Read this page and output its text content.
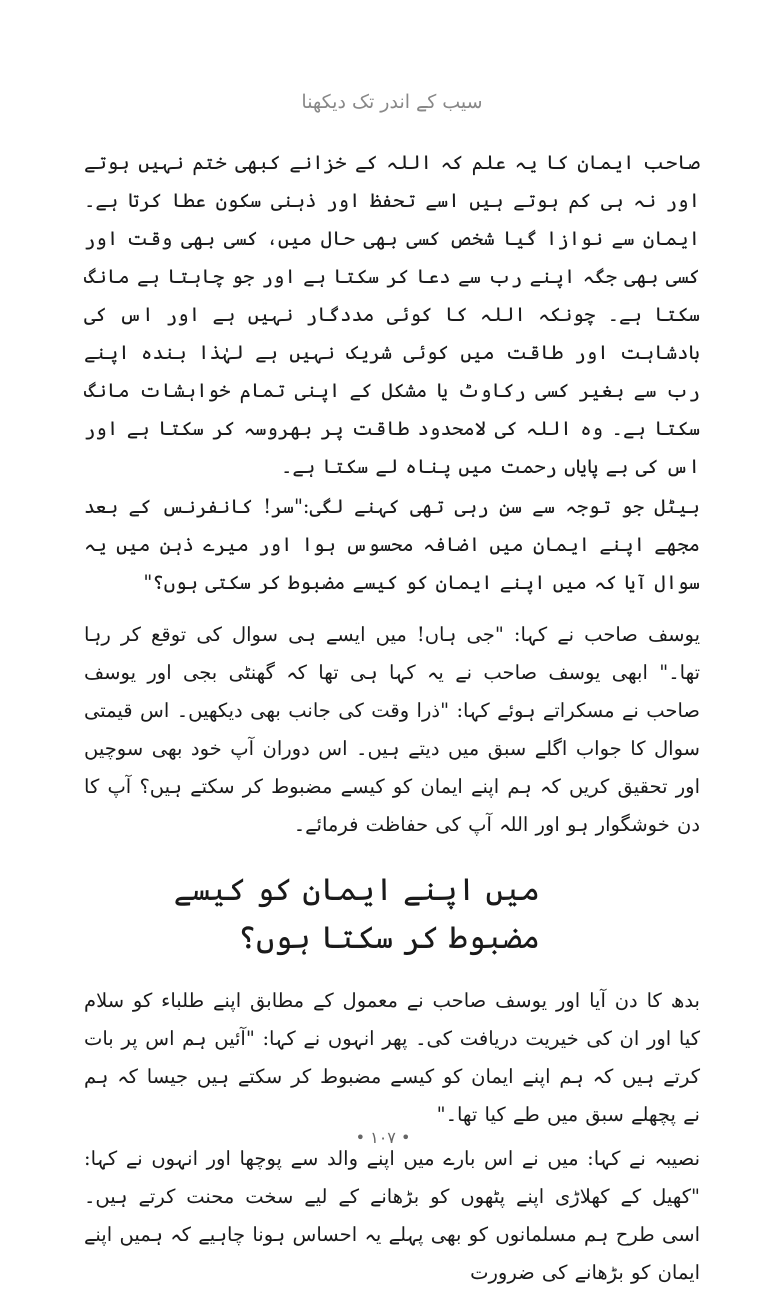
سیب کے اندر تک دیکھنا

صاحب ایمان کا یہ علم کہ اللہ کے خزانے کبھی ختم نہیں ہوتے اور نہ ہی کم ہوتے ہیں اسے تحفظ اور ذہنی سکون عطا کرتا ہے۔ ایمان سے نوازا گیا شخص کسی بھی حال میں، کسی بھی وقت اور کسی بھی جگہ اپنے رب سے دعا کر سکتا ہے اور جو چاہتا ہے مانگ سکتا ہے۔ چونکہ اللہ کا کوئی مددگار نہیں ہے اور اس کی بادشاہت اور طاقت میں کوئی شریک نہیں ہے لہٰذا بندہ اپنے رب سے بغیر کسی رکاوٹ یا مشکل کے اپنی تمام خواہشات مانگ سکتا ہے۔ وہ اللہ کی لامحدود طاقت پر بھروسہ کر سکتا ہے اور اس کی بے پایاں رحمت میں پناہ لے سکتا ہے۔

بیٹل جو توجہ سے سن رہی تھی کہنے لگی:"سر! کانفرنس کے بعد مجھے اپنے ایمان میں اضافہ محسوس ہوا اور میرے ذہن میں یہ سوال آیا کہ میں اپنے ایمان کو کیسے مضبوط کر سکتی ہوں؟"

یوسف صاحب نے کہا: "جی ہاں! میں ایسے ہی سوال کی توقع کر رہا تھا۔" ابھی یوسف صاحب نے یہ کہا ہی تھا کہ گھنٹی بجی اور یوسف صاحب نے مسکراتے ہوئے کہا: "ذرا وقت کی جانب بھی دیکھیں۔ اس قیمتی سوال کا جواب اگلے سبق میں دیتے ہیں۔ اس دوران آپ خود بھی سوچیں اور تحقیق کریں کہ ہم اپنے ایمان کو کیسے مضبوط کر سکتے ہیں؟ آپ کا دن خوشگوار ہو اور اللہ آپ کی حفاظت فرمائے۔

میں اپنے ایمان کو کیسے مضبوط کر سکتا ہوں؟

بدھ کا دن آیا اور یوسف صاحب نے معمول کے مطابق اپنے طلباء کو سلام کیا اور ان کی خیریت دریافت کی۔ پھر انہوں نے کہا: "آئیں ہم اس پر بات کرتے ہیں کہ ہم اپنے ایمان کو کیسے مضبوط کر سکتے ہیں جیسا کہ ہم نے پچھلے سبق میں طے کیا تھا۔"

نصیبہ نے کہا: میں نے اس بارے میں اپنے والد سے پوچھا اور انہوں نے کہا: "کھیل کے کھلاڑی اپنے پٹھوں کو بڑھانے کے لیے سخت محنت کرتے ہیں۔ اسی طرح ہم مسلمانوں کو بھی پہلے یہ احساس ہونا چاہیے کہ ہمیں اپنے ایمان کو بڑھانے کی ضرورت

• ۱۰۷ •
